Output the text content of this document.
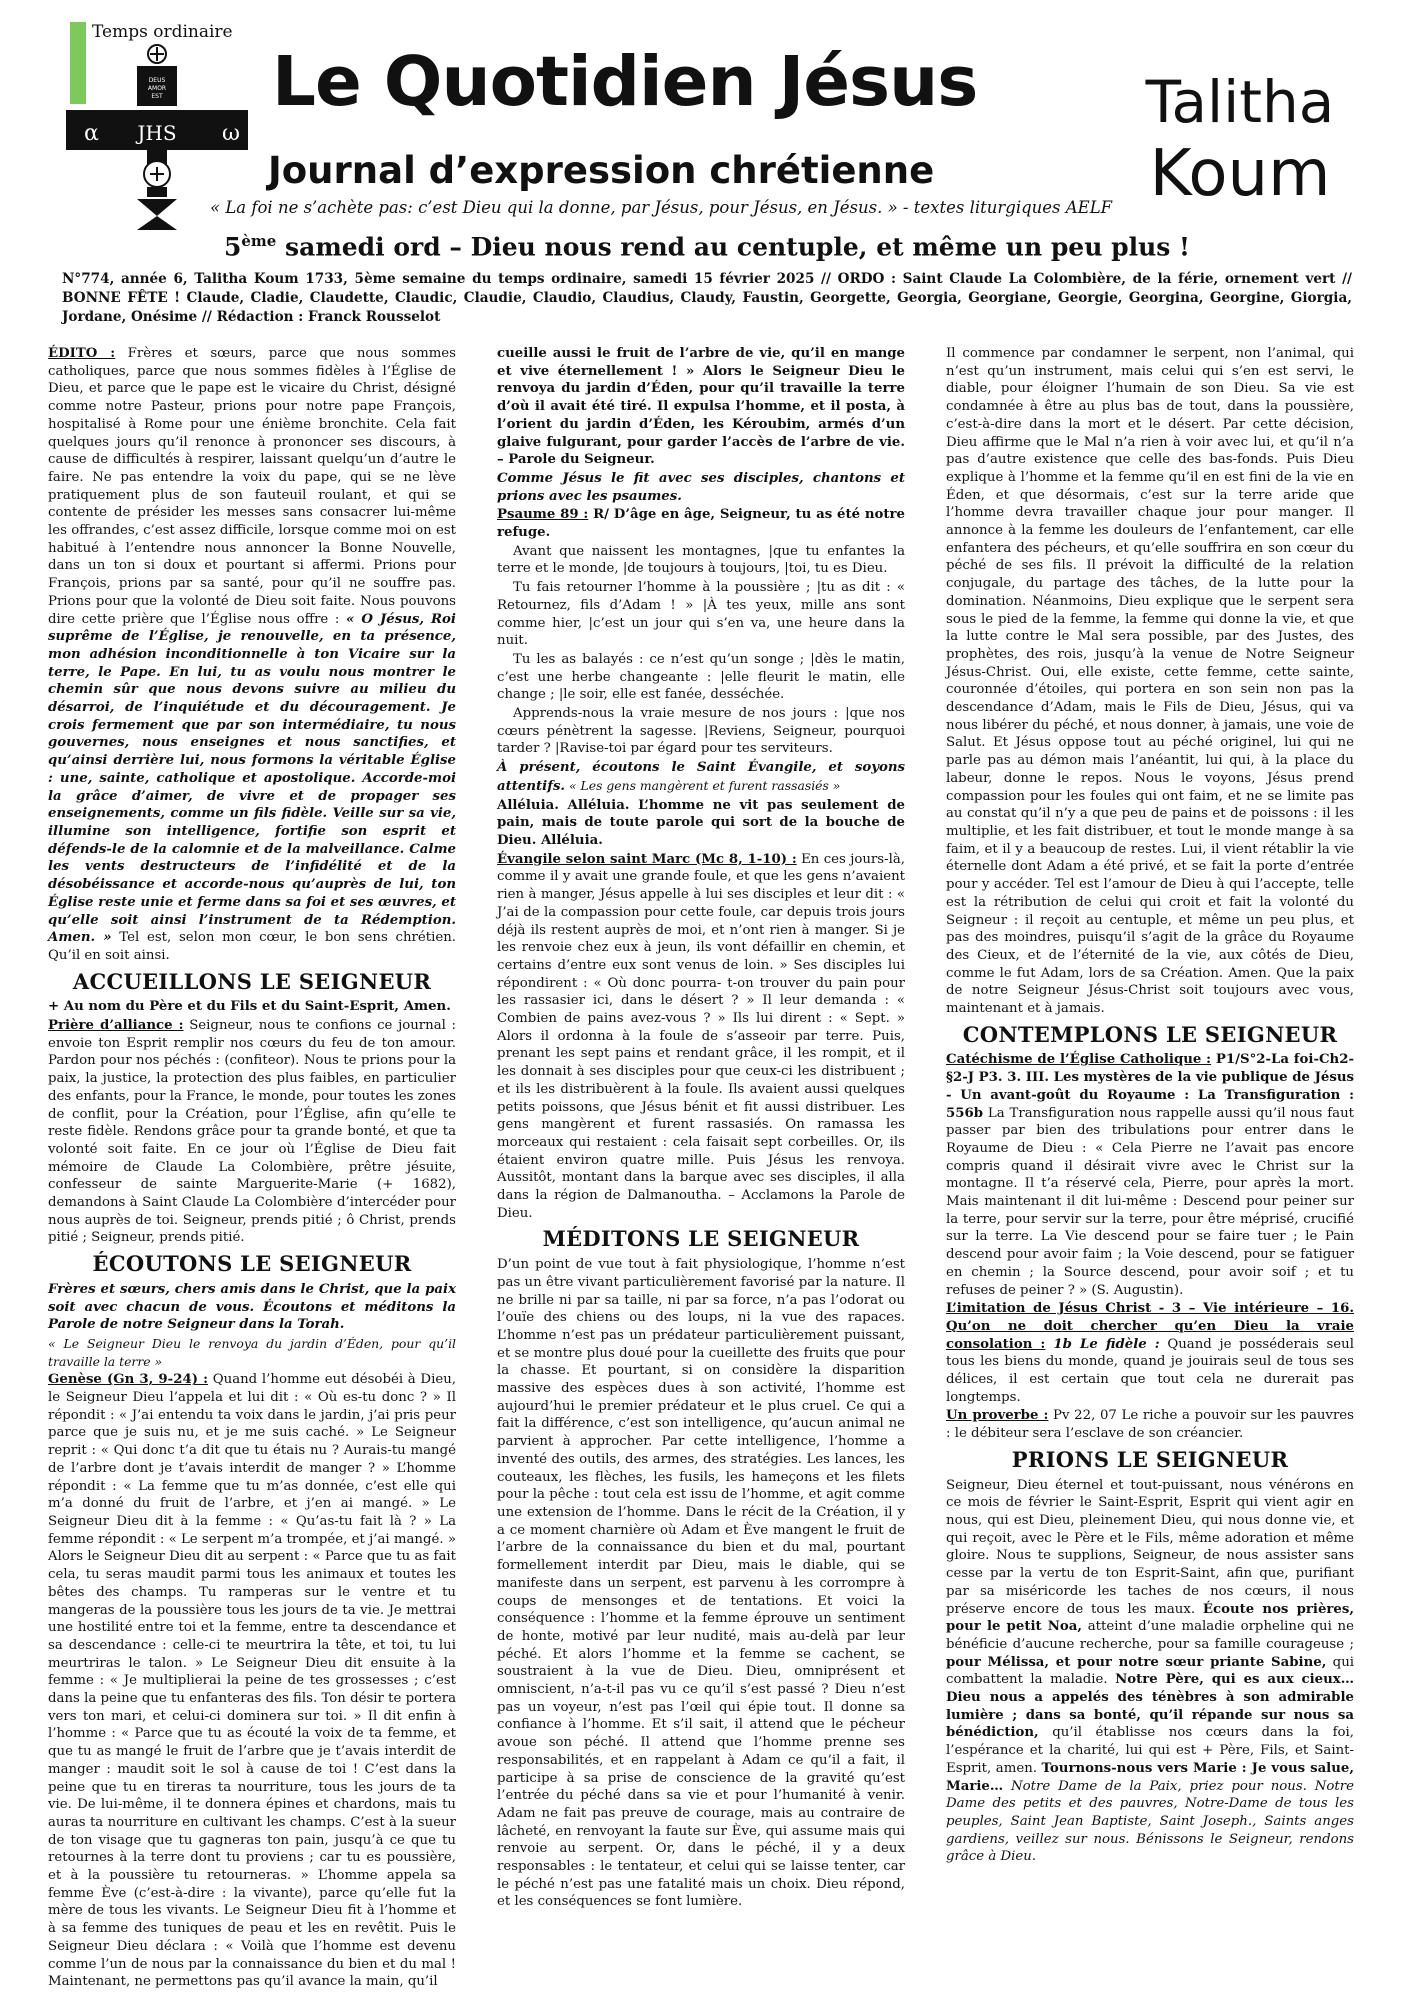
Temps ordinaire
DEUS
AMOR
EST
α JHS ω
Le Quotidien Jésus
Journal d’expression chrétienne
« La foi ne s’achète pas: c’est Dieu qui la donne, par Jésus, pour Jésus, en Jésus. » - textes liturgiques AELF
Talitha
Koum
5ème samedi ord – Dieu nous rend au centuple, et même un peu plus !
N°774, année 6, Talitha Koum 1733, 5ème semaine du temps ordinaire, samedi 15 février 2025 // ORDO : Saint Claude La Colombière, de la férie, ornement vert // BONNE FÊTE ! Claude, Cladie, Claudette, Claudic, Claudie, Claudio, Claudius, Claudy, Faustin, Georgette, Georgia, Georgiane, Georgie, Georgina, Georgine, Giorgia, Jordane, Onésime // Rédaction : Franck Rousselot

ÉDITO : Frères et sœurs, parce que nous sommes catholiques, parce que nous sommes fidèles à l’Église de Dieu, et parce que le pape est le vicaire du Christ, désigné comme notre Pasteur, prions pour notre pape François, hospitalisé à Rome pour une énième bronchite. Cela fait quelques jours qu’il renonce à prononcer ses discours, à cause de difficultés à respirer, laissant quelqu’un d’autre le faire. Ne pas entendre la voix du pape, qui se ne lève pratiquement plus de son fauteuil roulant, et qui se contente de présider les messes sans consacrer lui-même les offrandes, c’est assez difficile, lorsque comme moi on est habitué à l’entendre nous annoncer la Bonne Nouvelle, dans un ton si doux et pourtant si affermi. Prions pour François, prions par sa santé, pour qu’il ne souffre pas. Prions pour que la volonté de Dieu soit faite. Nous pouvons dire cette prière que l’Église nous offre : « O Jésus, Roi suprême de l’Église, je renouvelle, en ta présence, mon adhésion inconditionnelle à ton Vicaire sur la terre, le Pape. En lui, tu as voulu nous montrer le chemin sûr que nous devons suivre au milieu du désarroi, de l’inquiétude et du découragement. Je crois fermement que par son intermédiaire, tu nous gouvernes, nous enseignes et nous sanctifies, et qu’ainsi derrière lui, nous formons la véritable Église : une, sainte, catholique et apostolique. Accorde-moi la grâce d’aimer, de vivre et de propager ses enseignements, comme un fils fidèle. Veille sur sa vie, illumine son intelligence, fortifie son esprit et défends-le de la calomnie et de la malveillance. Calme les vents destructeurs de l’infidélité et de la désobéissance et accorde-nous qu’auprès de lui, ton Église reste unie et ferme dans sa foi et ses œuvres, et qu’elle soit ainsi l’instrument de ta Rédemption. Amen. » Tel est, selon mon cœur, le bon sens chrétien. Qu’il en soit ainsi.

ACCUEILLONS LE SEIGNEUR

+ Au nom du Père et du Fils et du Saint-Esprit, Amen.

Prière d’alliance : Seigneur, nous te confions ce journal : envoie ton Esprit remplir nos cœurs du feu de ton amour. Pardon pour nos péchés : (confiteor). Nous te prions pour la paix, la justice, la protection des plus faibles, en particulier des enfants, pour la France, le monde, pour toutes les zones de conflit, pour la Création, pour l’Église, afin qu’elle te reste fidèle. Rendons grâce pour ta grande bonté, et que ta volonté soit faite. En ce jour où l’Église de Dieu fait mémoire de Claude La Colombière, prêtre jésuite, confesseur de sainte Marguerite-Marie (+ 1682), demandons à Saint Claude La Colombière d’intercéder pour nous auprès de toi. Seigneur, prends pitié ; ô Christ, prends pitié ; Seigneur, prends pitié.

ÉCOUTONS LE SEIGNEUR

Frères et sœurs, chers amis dans le Christ, que la paix soit avec chacun de vous. Écoutons et méditons la Parole de notre Seigneur dans la Torah.

« Le Seigneur Dieu le renvoya du jardin d’Éden, pour qu’il travaille la terre »

Genèse (Gn 3, 9-24) : Quand l’homme eut désobéi à Dieu, le Seigneur Dieu l’appela et lui dit : « Où es-tu donc ? » Il répondit : « J’ai entendu ta voix dans le jardin, j’ai pris peur parce que je suis nu, et je me suis caché. » Le Seigneur reprit : « Qui donc t’a dit que tu étais nu ? Aurais-tu mangé de l’arbre dont je t’avais interdit de manger ? » L’homme répondit : « La femme que tu m’as donnée, c’est elle qui m’a donné du fruit de l’arbre, et j’en ai mangé. » Le Seigneur Dieu dit à la femme : « Qu’as-tu fait là ? » La femme répondit : « Le serpent m’a trompée, et j’ai mangé. » Alors le Seigneur Dieu dit au serpent : « Parce que tu as fait cela, tu seras maudit parmi tous les animaux et toutes les bêtes des champs. Tu ramperas sur le ventre et tu mangeras de la poussière tous les jours de ta vie. Je mettrai une hostilité entre toi et la femme, entre ta descendance et sa descendance : celle-ci te meurtrira la tête, et toi, tu lui meurtriras le talon. » Le Seigneur Dieu dit ensuite à la femme : « Je multiplierai la peine de tes grossesses ; c’est dans la peine que tu enfanteras des fils. Ton désir te portera vers ton mari, et celui-ci dominera sur toi. » Il dit enfin à l’homme : « Parce que tu as écouté la voix de ta femme, et que tu as mangé le fruit de l’arbre que je t’avais interdit de manger : maudit soit le sol à cause de toi ! C’est dans la peine que tu en tireras ta nourriture, tous les jours de ta vie. De lui-même, il te donnera épines et chardons, mais tu auras ta nourriture en cultivant les champs. C’est à la sueur de ton visage que tu gagneras ton pain, jusqu’à ce que tu retournes à la terre dont tu proviens ; car tu es poussière, et à la poussière tu retourneras. » L’homme appela sa femme Ève (c’est-à-dire : la vivante), parce qu’elle fut la mère de tous les vivants. Le Seigneur Dieu fit à l’homme et à sa femme des tuniques de peau et les en revêtit. Puis le Seigneur Dieu déclara : « Voilà que l’homme est devenu comme l’un de nous par la connaissance du bien et du mal ! Maintenant, ne permettons pas qu’il avance la main, qu’il

cueille aussi le fruit de l’arbre de vie, qu’il en mange et vive éternellement ! » Alors le Seigneur Dieu le renvoya du jardin d’Éden, pour qu’il travaille la terre d’où il avait été tiré. Il expulsa l’homme, et il posta, à l’orient du jardin d’Éden, les Kéroubim, armés d’un glaive fulgurant, pour garder l’accès de l’arbre de vie. – Parole du Seigneur.

Comme Jésus le fit avec ses disciples, chantons et prions avec les psaumes.

Psaume 89 : R/ D’âge en âge, Seigneur, tu as été notre refuge.

Avant que naissent les montagnes, |que tu enfantes la terre et le monde, |de toujours à toujours, |toi, tu es Dieu.

Tu fais retourner l’homme à la poussière ; |tu as dit : « Retournez, fils d’Adam ! » |À tes yeux, mille ans sont comme hier, |c’est un jour qui s’en va, une heure dans la nuit.

Tu les as balayés : ce n’est qu’un songe ; |dès le matin, c’est une herbe changeante : |elle fleurit le matin, elle change ; |le soir, elle est fanée, desséchée.

Apprends-nous la vraie mesure de nos jours : |que nos cœurs pénètrent la sagesse. |Reviens, Seigneur, pourquoi tarder ? |Ravise-toi par égard pour tes serviteurs.

À présent, écoutons le Saint Évangile, et soyons attentifs. « Les gens mangèrent et furent rassasiés »

Alléluia. Alléluia. L’homme ne vit pas seulement de pain, mais de toute parole qui sort de la bouche de Dieu. Alléluia.

Évangile selon saint Marc (Mc 8, 1-10) : En ces jours-là, comme il y avait une grande foule, et que les gens n’avaient rien à manger, Jésus appelle à lui ses disciples et leur dit : « J’ai de la compassion pour cette foule, car depuis trois jours déjà ils restent auprès de moi, et n’ont rien à manger. Si je les renvoie chez eux à jeun, ils vont défaillir en chemin, et certains d’entre eux sont venus de loin. » Ses disciples lui répondirent : « Où donc pourra- t-on trouver du pain pour les rassasier ici, dans le désert ? » Il leur demanda : « Combien de pains avez-vous ? » Ils lui dirent : « Sept. » Alors il ordonna à la foule de s’asseoir par terre. Puis, prenant les sept pains et rendant grâce, il les rompit, et il les donnait à ses disciples pour que ceux-ci les distribuent ; et ils les distribuèrent à la foule. Ils avaient aussi quelques petits poissons, que Jésus bénit et fit aussi distribuer. Les gens mangèrent et furent rassasiés. On ramassa les morceaux qui restaient : cela faisait sept corbeilles. Or, ils étaient environ quatre mille. Puis Jésus les renvoya. Aussitôt, montant dans la barque avec ses disciples, il alla dans la région de Dalmanoutha. – Acclamons la Parole de Dieu.

MÉDITONS LE SEIGNEUR

D’un point de vue tout à fait physiologique, l’homme n’est pas un être vivant particulièrement favorisé par la nature. Il ne brille ni par sa taille, ni par sa force, n’a pas l’odorat ou l’ouïe des chiens ou des loups, ni la vue des rapaces. L’homme n’est pas un prédateur particulièrement puissant, et se montre plus doué pour la cueillette des fruits que pour la chasse. Et pourtant, si on considère la disparition massive des espèces dues à son activité, l’homme est aujourd’hui le premier prédateur et le plus cruel. Ce qui a fait la différence, c’est son intelligence, qu’aucun animal ne parvient à approcher. Par cette intelligence, l’homme a inventé des outils, des armes, des stratégies. Les lances, les couteaux, les flèches, les fusils, les hameçons et les filets pour la pêche : tout cela est issu de l’homme, et agit comme une extension de l’homme. Dans le récit de la Création, il y a ce moment charnière où Adam et Ève mangent le fruit de l’arbre de la connaissance du bien et du mal, pourtant formellement interdit par Dieu, mais le diable, qui se manifeste dans un serpent, est parvenu à les corrompre à coups de mensonges et de tentations. Et voici la conséquence : l’homme et la femme éprouve un sentiment de honte, motivé par leur nudité, mais au-delà par leur péché. Et alors l’homme et la femme se cachent, se soustraient à la vue de Dieu. Dieu, omniprésent et omniscient, n’a-t-il pas vu ce qu’il s’est passé ? Dieu n’est pas un voyeur, n’est pas l’œil qui épie tout. Il donne sa confiance à l’homme. Et s’il sait, il attend que le pécheur avoue son péché. Il attend que l’homme prenne ses responsabilités, et en rappelant à Adam ce qu’il a fait, il participe à sa prise de conscience de la gravité qu’est l’entrée du péché dans sa vie et pour l’humanité à venir. Adam ne fait pas preuve de courage, mais au contraire de lâcheté, en renvoyant la faute sur Ève, qui assume mais qui renvoie au serpent. Or, dans le péché, il y a deux responsables : le tentateur, et celui qui se laisse tenter, car le péché n’est pas une fatalité mais un choix. Dieu répond, et les conséquences se font lumière.

Il commence par condamner le serpent, non l’animal, qui n’est qu’un instrument, mais celui qui s’en est servi, le diable, pour éloigner l’humain de son Dieu. Sa vie est condamnée à être au plus bas de tout, dans la poussière, c’est-à-dire dans la mort et le désert. Par cette décision, Dieu affirme que le Mal n’a rien à voir avec lui, et qu’il n’a pas d’autre existence que celle des bas-fonds. Puis Dieu explique à l’homme et la femme qu’il en est fini de la vie en Éden, et que désormais, c’est sur la terre aride que l’homme devra travailler chaque jour pour manger. Il annonce à la femme les douleurs de l’enfantement, car elle enfantera des pécheurs, et qu’elle souffrira en son cœur du péché de ses fils. Il prévoit la difficulté de la relation conjugale, du partage des tâches, de la lutte pour la domination. Néanmoins, Dieu explique que le serpent sera sous le pied de la femme, la femme qui donne la vie, et que la lutte contre le Mal sera possible, par des Justes, des prophètes, des rois, jusqu’à la venue de Notre Seigneur Jésus-Christ. Oui, elle existe, cette femme, cette sainte, couronnée d’étoiles, qui portera en son sein non pas la descendance d’Adam, mais le Fils de Dieu, Jésus, qui va nous libérer du péché, et nous donner, à jamais, une voie de Salut. Et Jésus oppose tout au péché originel, lui qui ne parle pas au démon mais l’anéantit, lui qui, à la place du labeur, donne le repos. Nous le voyons, Jésus prend compassion pour les foules qui ont faim, et ne se limite pas au constat qu’il n’y a que peu de pains et de poissons : il les multiplie, et les fait distribuer, et tout le monde mange à sa faim, et il y a beaucoup de restes. Lui, il vient rétablir la vie éternelle dont Adam a été privé, et se fait la porte d’entrée pour y accéder. Tel est l’amour de Dieu à qui l’accepte, telle est la rétribution de celui qui croit et fait la volonté du Seigneur : il reçoit au centuple, et même un peu plus, et pas des moindres, puisqu’il s’agit de la grâce du Royaume des Cieux, et de l’éternité de la vie, aux côtés de Dieu, comme le fut Adam, lors de sa Création. Amen. Que la paix de notre Seigneur Jésus-Christ soit toujours avec vous, maintenant et à jamais.

CONTEMPLONS LE SEIGNEUR

Catéchisme de l’Église Catholique : P1/S°2-La foi-Ch2-§2-J P3. 3. III. Les mystères de la vie publique de Jésus - Un avant-goût du Royaume : La Transfiguration : 556b La Transfiguration nous rappelle aussi qu’il nous faut passer par bien des tribulations pour entrer dans le Royaume de Dieu : « Cela Pierre ne l’avait pas encore compris quand il désirait vivre avec le Christ sur la montagne. Il t’a réservé cela, Pierre, pour après la mort. Mais maintenant il dit lui-même : Descend pour peiner sur la terre, pour servir sur la terre, pour être méprisé, crucifié sur la terre. La Vie descend pour se faire tuer ; le Pain descend pour avoir faim ; la Voie descend, pour se fatiguer en chemin ; la Source descend, pour avoir soif ; et tu refuses de peiner ? » (S. Augustin).

L’imitation de Jésus Christ - 3 – Vie intérieure – 16. Qu’on ne doit chercher qu’en Dieu la vraie consolation : 1b Le fidèle : Quand je posséderais seul tous les biens du monde, quand je jouirais seul de tous ses délices, il est certain que tout cela ne durerait pas longtemps.

Un proverbe : Pv 22, 07 Le riche a pouvoir sur les pauvres : le débiteur sera l’esclave de son créancier.

PRIONS LE SEIGNEUR

Seigneur, Dieu éternel et tout-puissant, nous vénérons en ce mois de février le Saint-Esprit, Esprit qui vient agir en nous, qui est Dieu, pleinement Dieu, qui nous donne vie, et qui reçoit, avec le Père et le Fils, même adoration et même gloire. Nous te supplions, Seigneur, de nous assister sans cesse par la vertu de ton Esprit-Saint, afin que, purifiant par sa miséricorde les taches de nos cœurs, il nous préserve encore de tous les maux. Écoute nos prières, pour le petit Noa, atteint d’une maladie orpheline qui ne bénéficie d’aucune recherche, pour sa famille courageuse ; pour Mélissa, et pour notre sœur priante Sabine, qui combattent la maladie. Notre Père, qui es aux cieux… Dieu nous a appelés des ténèbres à son admirable lumière ; dans sa bonté, qu’il répande sur nous sa bénédiction, qu’il établisse nos cœurs dans la foi, l’espérance et la charité, lui qui est + Père, Fils, et Saint-Esprit, amen. Tournons-nous vers Marie : Je vous salue, Marie… Notre Dame de la Paix, priez pour nous. Notre Dame des petits et des pauvres, Notre-Dame de tous les peuples, Saint Jean Baptiste, Saint Joseph., Saints anges gardiens, veillez sur nous. Bénissons le Seigneur, rendons grâce à Dieu.
